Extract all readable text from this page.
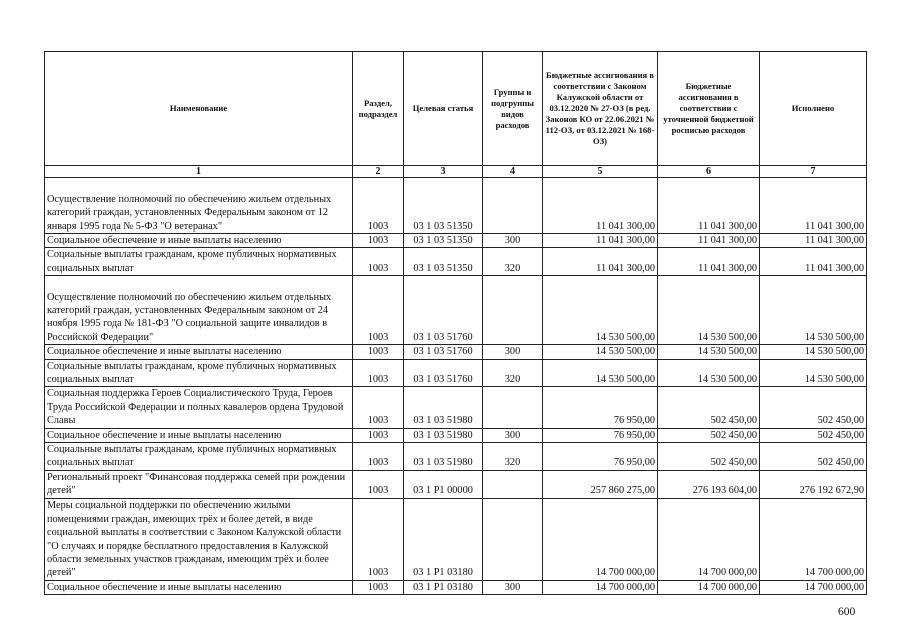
Наименование	Раздел, подраздел	Целевая статья	Группы и подгруппы видов расходов	Бюджетные ассигнования в соответствии с Законом Калужской области от 03.12.2020 № 27-ОЗ (в ред. Законов КО от 22.06.2021 № 112-ОЗ, от 03.12.2021 № 168-ОЗ)	Бюджетные ассигнования в соответствии с уточненной бюджетной росписью расходов	Исполнено
1	2	3	4	5	6	7
Осуществление полномочий по обеспечению жильем отдельных категорий граждан, установленных Федеральным законом от 12 января 1995 года № 5-ФЗ "О ветеранах"	1003	03 1 03 51350		11 041 300,00	11 041 300,00	11 041 300,00
Социальное обеспечение и иные выплаты населению	1003	03 1 03 51350	300	11 041 300,00	11 041 300,00	11 041 300,00
Социальные выплаты гражданам, кроме публичных нормативных социальных выплат	1003	03 1 03 51350	320	11 041 300,00	11 041 300,00	11 041 300,00
Осуществление полномочий по обеспечению жильем отдельных категорий граждан, установленных Федеральным законом от 24 ноября 1995 года № 181-ФЗ "О социальной защите инвалидов в Российской Федерации"	1003	03 1 03 51760		14 530 500,00	14 530 500,00	14 530 500,00
Социальное обеспечение и иные выплаты населению	1003	03 1 03 51760	300	14 530 500,00	14 530 500,00	14 530 500,00
Социальные выплаты гражданам, кроме публичных нормативных социальных выплат	1003	03 1 03 51760	320	14 530 500,00	14 530 500,00	14 530 500,00
Социальная поддержка Героев Социалистического Труда, Героев Труда Российской Федерации и полных кавалеров ордена Трудовой Славы	1003	03 1 03 51980		76 950,00	502 450,00	502 450,00
Социальное обеспечение и иные выплаты населению	1003	03 1 03 51980	300	76 950,00	502 450,00	502 450,00
Социальные выплаты гражданам, кроме публичных нормативных социальных выплат	1003	03 1 03 51980	320	76 950,00	502 450,00	502 450,00
Региональный проект "Финансовая поддержка семей при рождении детей"	1003	03 1 P1 00000		257 860 275,00	276 193 604,00	276 192 672,90
Меры социальной поддержки по обеспечению жилыми помещениями граждан, имеющих трёх и более детей, в виде социальной выплаты в соответствии с Законом Калужской области "О случаях и порядке бесплатного предоставления в Калужской области земельных участков гражданам, имеющим трёх и более детей"	1003	03 1 P1 03180		14 700 000,00	14 700 000,00	14 700 000,00
Социальное обеспечение и иные выплаты населению	1003	03 1 P1 03180	300	14 700 000,00	14 700 000,00	14 700 000,00
600
